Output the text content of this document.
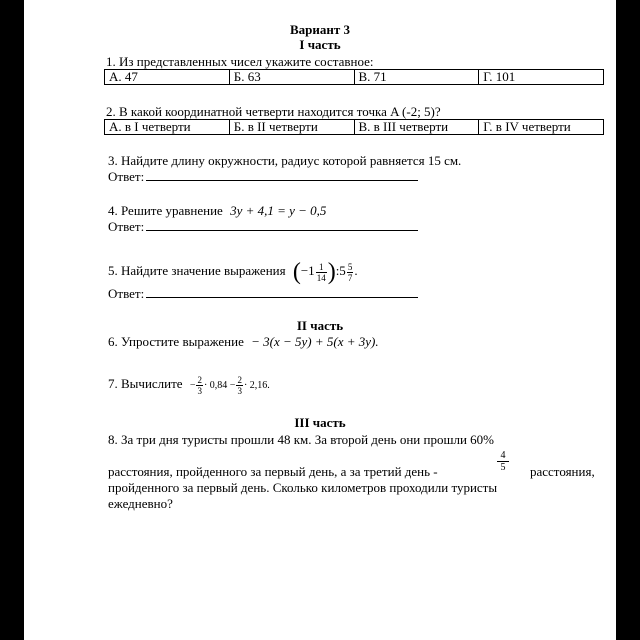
Вариант 3
I часть
1. Из представленных чисел укажите составное:
А. 47	Б. 63	В. 71	Г. 101
2. В какой координатной четверти находится точка A (-2; 5)?
А. в I четверти	Б. в II четверти	В. в III четверти	Г. в IV четверти
3. Найдите длину окружности, радиус которой равняется 15 см.
Ответ:
4. Решите уравнение 3y + 4,1 = y − 0,5
Ответ:
5. Найдите значение выражения ($-1 \frac{1}{14}$ ):5 $\frac{5}{7}$ .
Ответ:
II часть
6. Упростите выражение − 3(x − 5y) + 5(x + 3y).
7. Вычислите − $\frac{2}{3} \cdot 0,84 - \frac{2}{3} \cdot 2,16$.
III часть
8. За три дня туристы прошли 48 км. За второй день они прошли 60%
4
5
расстояния, пройденного за первый день, а за третий день -	расстояния,
пройденного за первый день. Сколько километров проходили туристы
ежедневно?
